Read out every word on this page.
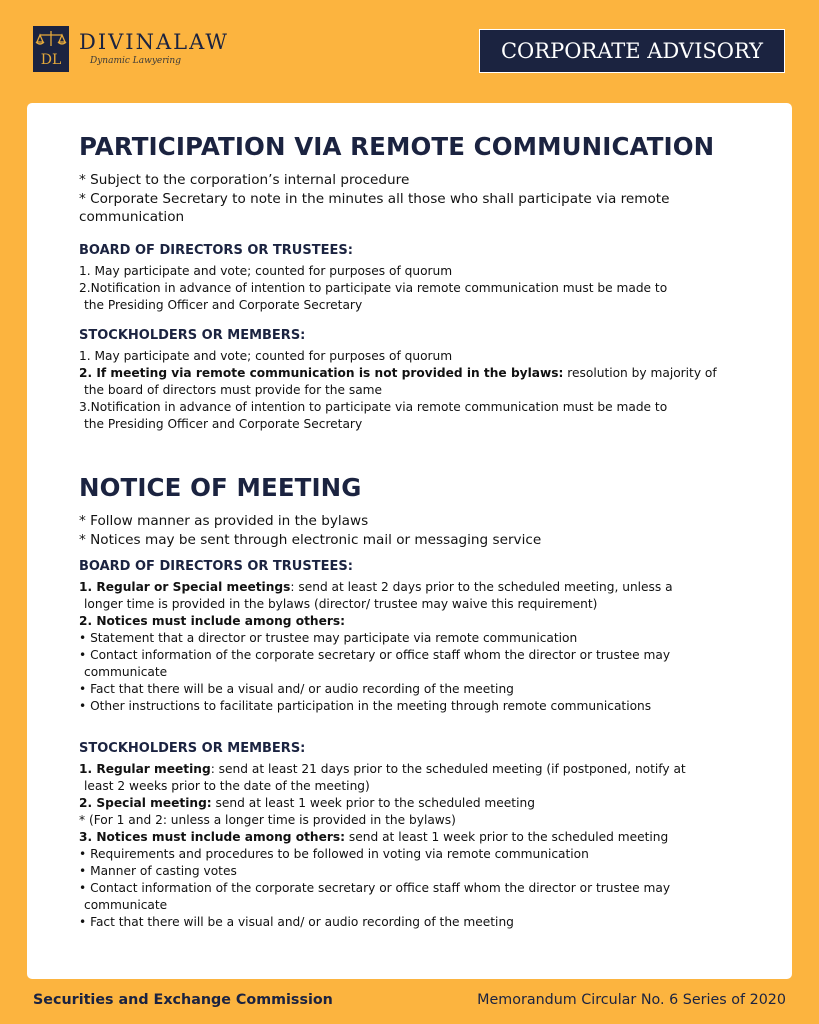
DL
DIVINALAW
Dynamic Lawyering	CORPORATE ADVISORY
PARTICIPATION VIA REMOTE COMMUNICATION
* Subject to the corporation’s internal procedure
* Corporate Secretary to note in the minutes all those who shall participate via remote communication
BOARD OF DIRECTORS OR TRUSTEES:
1. May participate and vote; counted for purposes of quorum
2.Notification in advance of intention to participate via remote communication must be made to
the Presiding Officer and Corporate Secretary
STOCKHOLDERS OR MEMBERS:
1. May participate and vote; counted for purposes of quorum
2. If meeting via remote communication is not provided in the bylaws: resolution by majority of
the board of directors must provide for the same
3.Notification in advance of intention to participate via remote communication must be made to
the Presiding Officer and Corporate Secretary
NOTICE OF MEETING
* Follow manner as provided in the bylaws
* Notices may be sent through electronic mail or messaging service
BOARD OF DIRECTORS OR TRUSTEES:
1. Regular or Special meetings: send at least 2 days prior to the scheduled meeting, unless a
longer time is provided in the bylaws (director/ trustee may waive this requirement)
2. Notices must include among others:
• Statement that a director or trustee may participate via remote communication
• Contact information of the corporate secretary or office staff whom the director or trustee may
communicate
• Fact that there will be a visual and/ or audio recording of the meeting
• Other instructions to facilitate participation in the meeting through remote communications
STOCKHOLDERS OR MEMBERS:
1. Regular meeting: send at least 21 days prior to the scheduled meeting (if postponed, notify at
least 2 weeks prior to the date of the meeting)
2. Special meeting: send at least 1 week prior to the scheduled meeting
* (For 1 and 2: unless a longer time is provided in the bylaws)
3. Notices must include among others: send at least 1 week prior to the scheduled meeting
• Requirements and procedures to be followed in voting via remote communication
• Manner of casting votes
• Contact information of the corporate secretary or office staff whom the director or trustee may
communicate
• Fact that there will be a visual and/ or audio recording of the meeting
Securities and Exchange Commission	Memorandum Circular No. 6 Series of 2020
